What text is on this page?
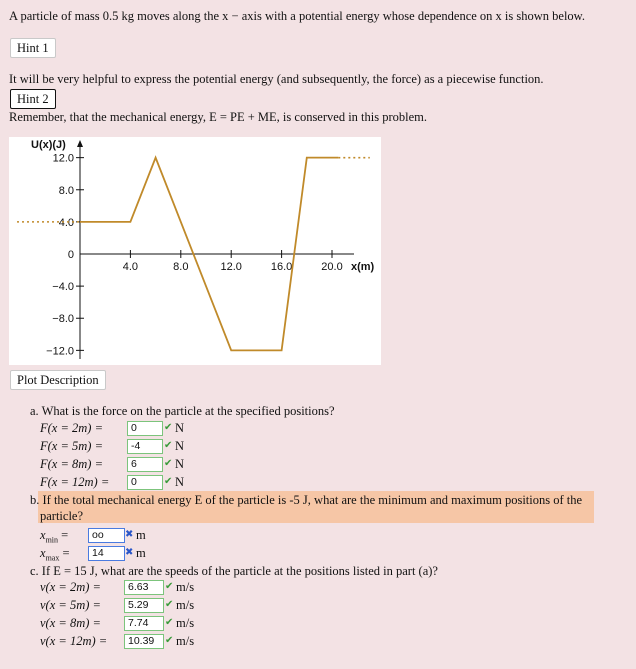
A particle of mass 0.5 kg moves along the x − axis with a potential energy whose dependence on x is shown below.
Hint 1
It will be very helpful to express the potential energy (and subsequently, the force) as a piecewise function.
Hint 2
Remember, that the mechanical energy, E = PE + ME, is conserved in this problem.
12.0
8.0
4.0
0
−4.0
−8.0
−12.0
4.0	8.0	12.0	16.0	20.0
U(x)(J)
x(m)
Plot Description
a. What is the force on the particle at the specified positions?
F(x = 2m) =	0	✔ N
F(x = 5m) =	-4	✔ N
F(x = 8m) =	6	✔ N
F(x = 12m) =	0	✔ N
b. If the total mechanical energy E of the particle is -5 J, what are the minimum and maximum positions of the
particle?
$x_{min}$ =	oo	✖ m
$x_{max}$ =	14	✖ m
c. If E = 15 J, what are the speeds of the particle at the positions listed in part (a)?
v(x = 2m) =	6.63	✔ m/s
v(x = 5m) =	5.29	✔ m/s
v(x = 8m) =	7.74	✔ m/s
v(x = 12m) =	10.39	✔ m/s
